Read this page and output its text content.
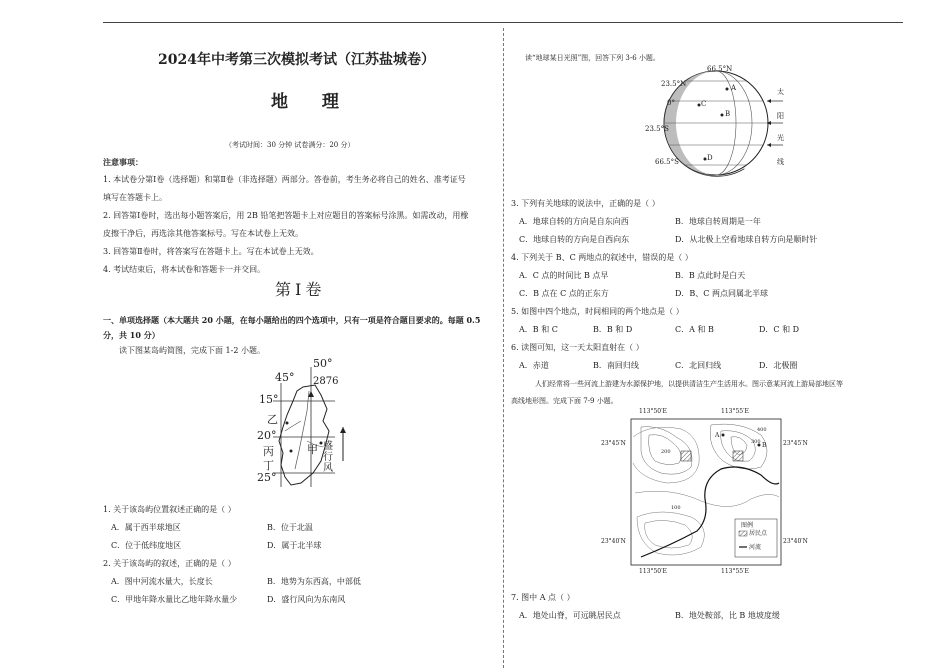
2024年中考第三次模拟考试（江苏盐城卷）
地 理
（考试时间：30 分钟 试卷满分：20 分）
注意事项：
1. 本试卷分第Ⅰ卷（选择题）和第Ⅱ卷（非选择题）两部分。答卷前，考生务必将自己的姓名、准考证号
填写在答题卡上。
2. 回答第Ⅰ卷时，选出每小题答案后，用 2B 铅笔把答题卡上对应题目的答案标号涂黑。如需改动，用橡
皮擦干净后，再选涂其他答案标号。写在本试卷上无效。
3. 回答第Ⅱ卷时，将答案写在答题卡上。写在本试卷上无效。
4. 考试结束后，将本试卷和答题卡一并交回。
第Ⅰ卷
一、单项选择题（本大题共 20 小题，在每小题给出的四个选项中，只有一项是符合题目要求的。每题 0.5
分，共 10 分）
读下图某岛屿简图，完成下面 1-2 小题。
50°
45° 2876
15°
乙
20°
丙	甲 盛行风
丁
25°
1. 关于该岛屿位置叙述正确的是（ ）
A．属于西半球地区	B．位于北温
C．位于低纬度地区	D．属于北半球
2. 关于该岛屿的叙述，正确的是（ ）
A．图中河流水量大，长度长	B．地势为东西高，中部低
C．甲地年降水量比乙地年降水量少	D．盛行风向为东南风
读“地球某日光照”图，回答下列 3-6 小题。
66.5°N
23.5°N
0°
23.5°S
66.5°S
A
C
B
D
太
阳
光
线
3. 下列有关地球的说法中，正确的是（ ）
A．地球自转的方向是自东向西	B．地球自转周期是一年
C．地球自转的方向是自西向东	D．从北极上空看地球自转方向是顺时针
4. 下列关于 B、C 两地点的叙述中，错误的是（ ）
A．C 点的时间比 B 点早	B．B 点此时是白天
C．B 点在 C 点的正东方	D．B、C 两点同属北半球
5. 如图中四个地点，时间相同的两个地点是（ ）
A．B 和 C	B．B 和 D	C．A 和 B	D．C 和 D
6. 读图可知，这一天太阳直射在（ ）
A．赤道	B．南回归线	C．北回归线	D．北极圈
人们经常将一些河流上游建为水源保护地，以提供清洁生产生活用水。图示意某河流上游局部地区等
高线地形图。完成下面 7-9 小题。
113°50′E	113°55′E
23°45′N	23°45′N
23°40′N	23°40′N
113°50′E	113°55′E
图例
居民点
河流
A
B
200
400
100
300
7. 图中 A 点（ ）
A．地处山脊，可远眺居民点	B．地处鞍部，比 B 地坡度缓
